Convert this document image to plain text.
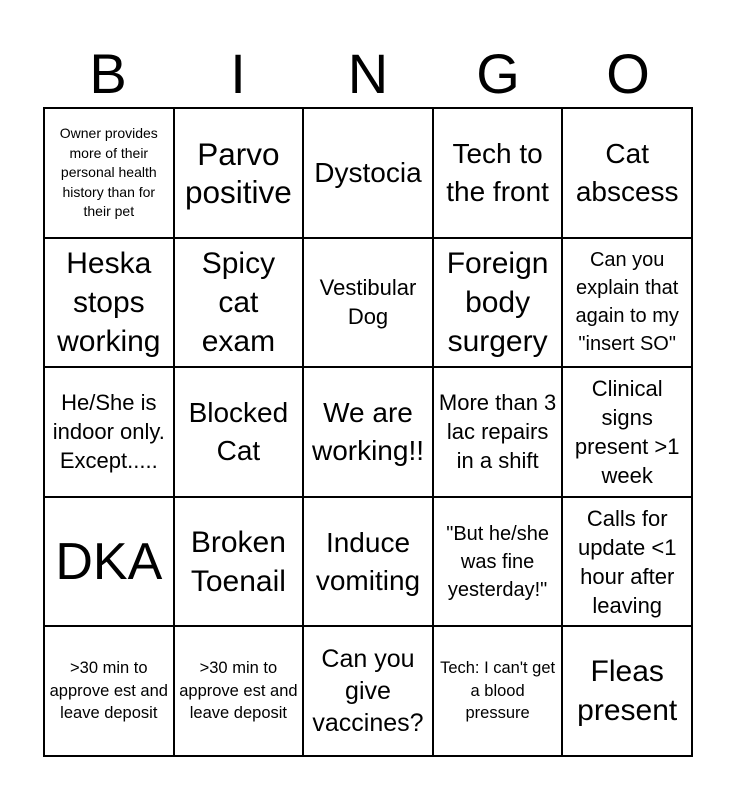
B	I	N	G	O
Owner provides more of their personal health history than for their pet
Parvo positive
Dystocia
Tech to the front
Cat abscess
Heska stops working
Spicy cat exam
Vestibular Dog
Foreign body surgery
Can you explain that again to my "insert SO"
He/She is indoor only. Except.....
Blocked Cat
We are working!!
More than 3 lac repairs in a shift
Clinical signs present >1 week
DKA Broken Toenail
Induce vomiting
"But he/she was fine yesterday!"
Calls for update <1 hour after leaving
>30 min to approve est and leave deposit
>30 min to approve est and leave deposit
Can you give vaccines?
Tech: I can't get a blood pressure
Fleas present
